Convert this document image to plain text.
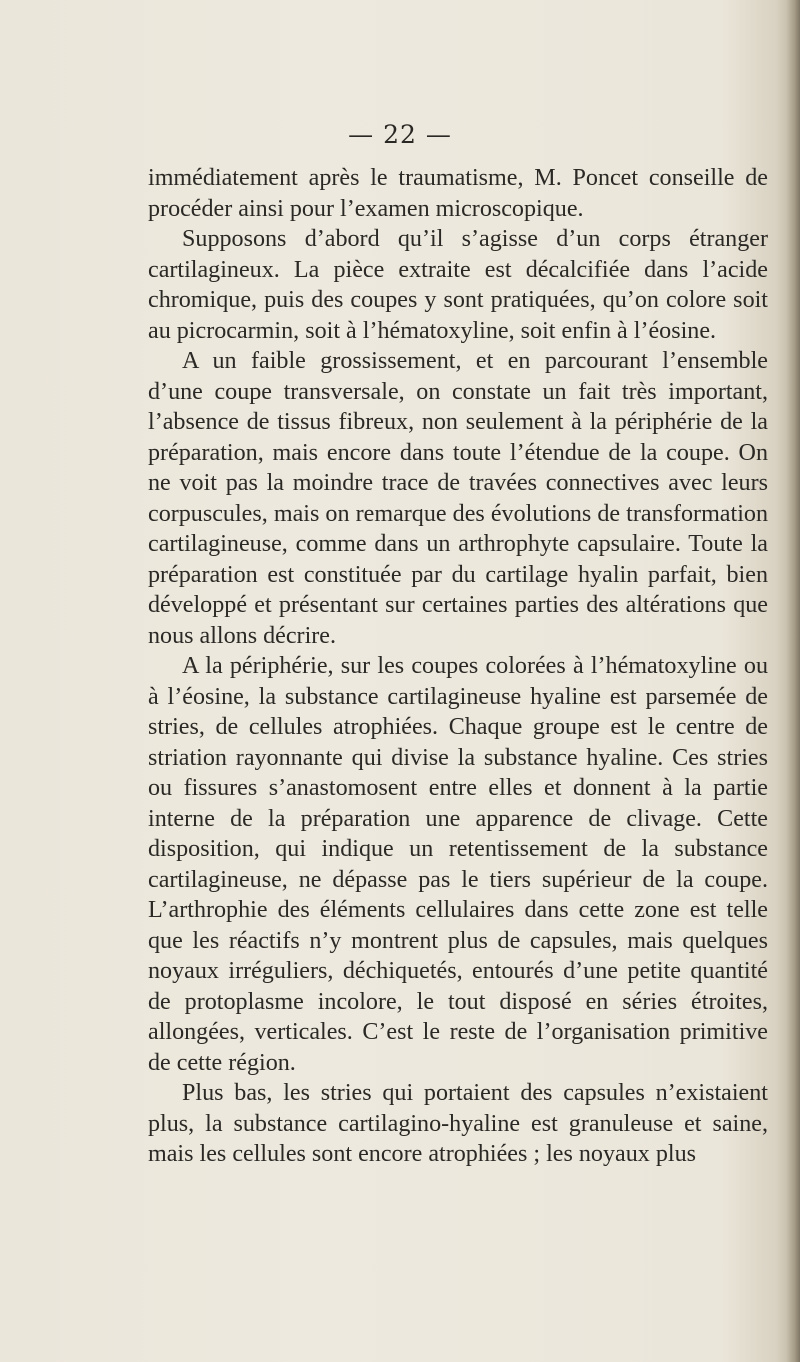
— 22 —

immédiatement après le traumatisme, M. Poncet conseille de procéder ainsi pour l’examen microscopique.

Supposons d’abord qu’il s’agisse d’un corps étranger cartilagineux. La pièce extraite est décalcifiée dans l’acide chromique, puis des coupes y sont pratiquées, qu’on colore soit au picrocarmin, soit à l’hématoxyline, soit enfin à l’éosine.

A un faible grossissement, et en parcourant l’ensemble d’une coupe transversale, on constate un fait très important, l’absence de tissus fibreux, non seulement à la périphérie de la préparation, mais encore dans toute l’étendue de la coupe. On ne voit pas la moindre trace de travées connectives avec leurs corpuscules, mais on remarque des évolutions de transformation cartilagineuse, comme dans un arthrophyte capsulaire. Toute la préparation est constituée par du cartilage hyalin parfait, bien développé et présentant sur certaines parties des altérations que nous allons décrire.

A la périphérie, sur les coupes colorées à l’hématoxyline ou à l’éosine, la substance cartilagineuse hyaline est parsemée de stries, de cellules atrophiées. Chaque groupe est le centre de striation rayonnante qui divise la substance hyaline. Ces stries ou fissures s’anastomosent entre elles et donnent à la partie interne de la préparation une apparence de clivage. Cette disposition, qui indique un retentissement de la substance cartilagineuse, ne dépasse pas le tiers supérieur de la coupe. L’arthrophie des éléments cellulaires dans cette zone est telle que les réactifs n’y montrent plus de capsules, mais quelques noyaux irréguliers, déchiquetés, entourés d’une petite quantité de protoplasme incolore, le tout disposé en séries étroites, allongées, verticales. C’est le reste de l’organisation primitive de cette région.

Plus bas, les stries qui portaient des capsules n’existaient plus, la substance cartilagino-hyaline est granuleuse et saine, mais les cellules sont encore atrophiées ; les noyaux plus
